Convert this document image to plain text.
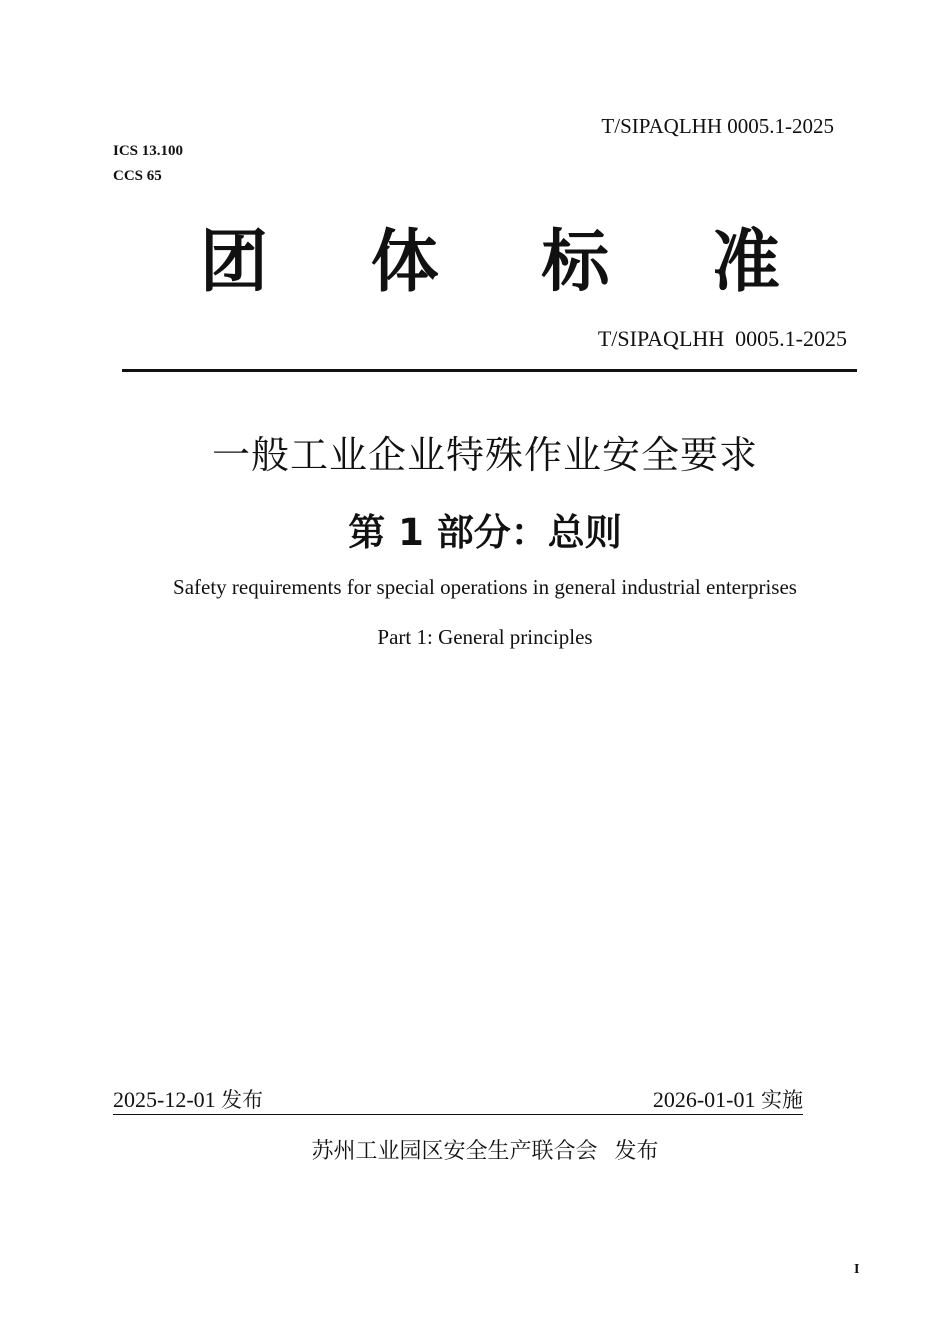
T/SIPAQLHH 0005.1-2025
ICS 13.100
CCS 65
团 体 标 准
T/SIPAQLHH  0005.1-2025
一般工业企业特殊作业安全要求
第 1 部分：总则
Safety requirements for special operations in general industrial enterprises
Part 1: General principles
2025-12-01 发布	2026-01-01 实施
苏州工业园区安全生产联合会 发布
I
